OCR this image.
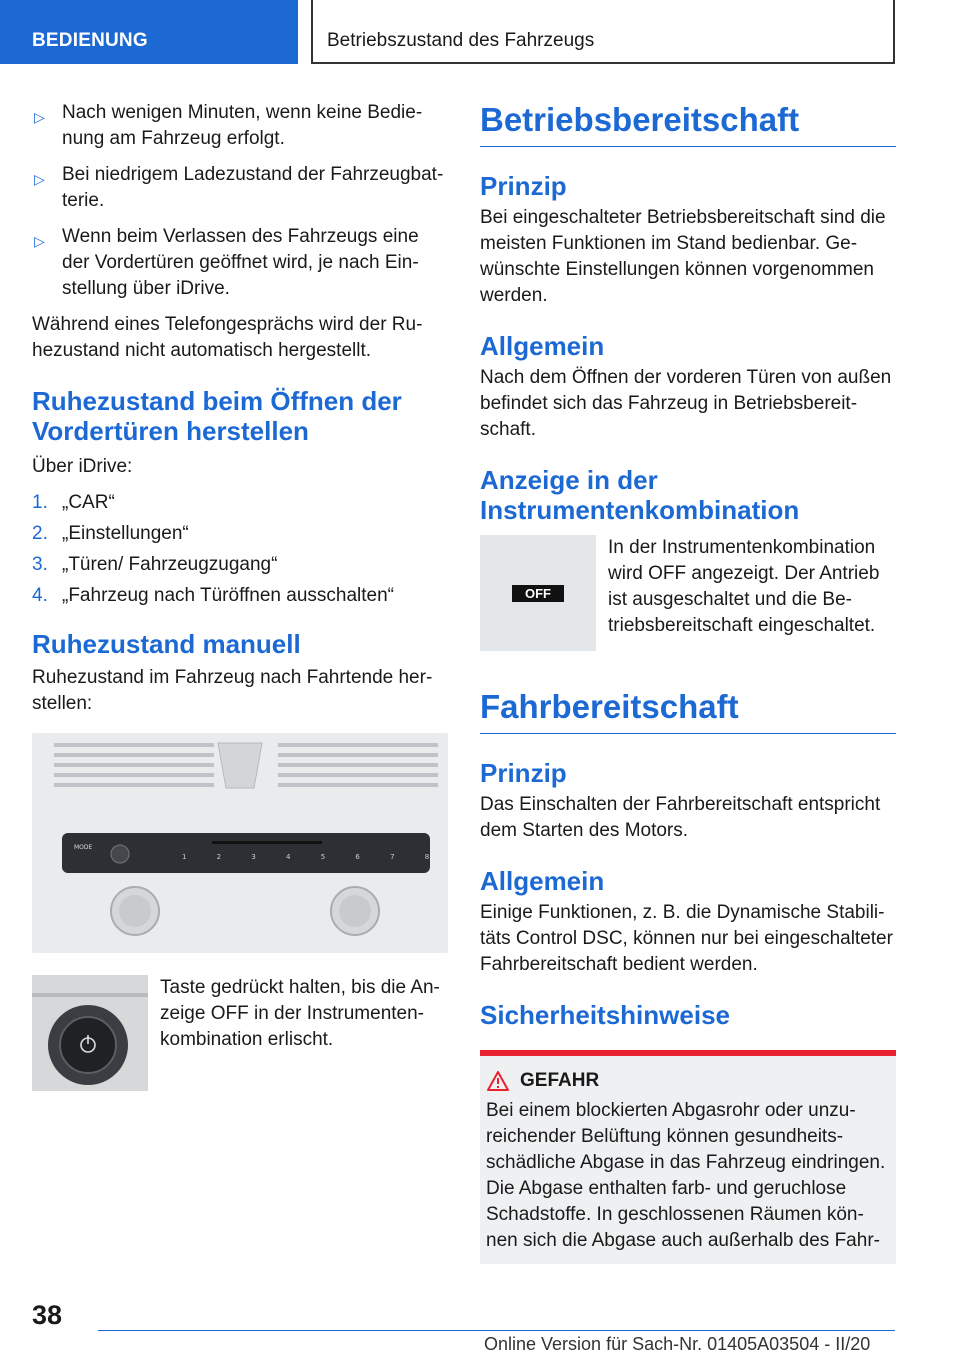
BEDIENUNG	Betriebszustand des Fahrzeugs
▷ Nach wenigen Minuten, wenn keine Bedie-nung am Fahrzeug erfolgt.
▷ Bei niedrigem Ladezustand der Fahrzeugbat-terie.
▷ Wenn beim Verlassen des Fahrzeugs eine der Vordertüren geöffnet wird, je nach Ein-stellung über iDrive.

Während eines Telefongesprächs wird der Ru-hezustand nicht automatisch hergestellt.

Ruhezustand beim Öffnen der Vordertüren herstellen

Über iDrive:

1. „CAR“
2. „Einstellungen“
3. „Türen/ Fahrzeugzugang“
4. „Fahrzeug nach Türöffnen ausschalten“
Ruhezustand manuell

Ruhezustand im Fahrzeug nach Fahrtende her-stellen:

MODE
1 2 3 4 5 6 7 8

Taste gedrückt halten, bis die An-zeige OFF in der Instrumenten-kombination erlischt.

Betriebsbereitschaft
Prinzip

Bei eingeschalteter Betriebsbereitschaft sind die meisten Funktionen im Stand bedienbar. Ge-wünschte Einstellungen können vorgenommen werden.

Allgemein

Nach dem Öffnen der vorderen Türen von außen befindet sich das Fahrzeug in Betriebsbereit-schaft.

Anzeige in der Instrumentenkombination
OFF

In der Instrumentenkombination wird OFF angezeigt. Der Antrieb ist ausgeschaltet und die Be-triebsbereitschaft eingeschaltet.

Fahrbereitschaft
Prinzip

Das Einschalten der Fahrbereitschaft entspricht dem Starten des Motors.

Allgemein

Einige Funktionen, z. B. die Dynamische Stabili-täts Control DSC, können nur bei eingeschalteter Fahrbereitschaft bedient werden.

Sicherheitshinweise
GEFAHR

Bei einem blockierten Abgasrohr oder unzu-reichender Belüftung können gesundheits-schädliche Abgase in das Fahrzeug eindringen. Die Abgase enthalten farb- und geruchlose Schadstoffe. In geschlossenen Räumen kön-nen sich die Abgase auch außerhalb des Fahr-

38
Online Version für Sach-Nr. 01405A03504 - II/20
